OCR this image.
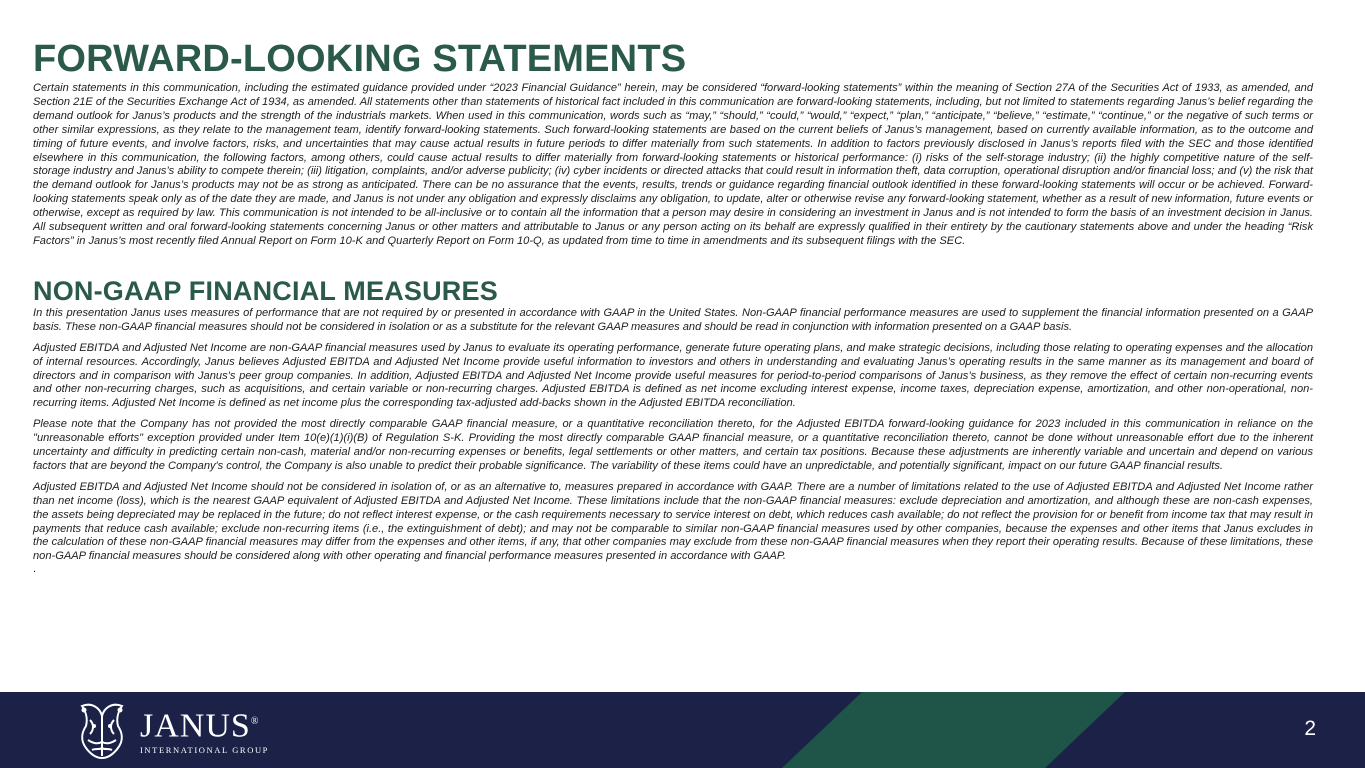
FORWARD-LOOKING STATEMENTS

Certain statements in this communication, including the estimated guidance provided under “2023 Financial Guidance” herein, may be considered “forward-looking statements” within the meaning of Section 27A of the Securities Act of 1933, as amended, and Section 21E of the Securities Exchange Act of 1934, as amended. All statements other than statements of historical fact included in this communication are forward-looking statements, including, but not limited to statements regarding Janus’s belief regarding the demand outlook for Janus’s products and the strength of the industrials markets. When used in this communication, words such as “may,” “should,” “could,” “would,” “expect,” “plan,” “anticipate,” “believe,” “estimate,” “continue,” or the negative of such terms or other similar expressions, as they relate to the management team, identify forward-looking statements. Such forward-looking statements are based on the current beliefs of Janus’s management, based on currently available information, as to the outcome and timing of future events, and involve factors, risks, and uncertainties that may cause actual results in future periods to differ materially from such statements. In addition to factors previously disclosed in Janus’s reports filed with the SEC and those identified elsewhere in this communication, the following factors, among others, could cause actual results to differ materially from forward-looking statements or historical performance: (i) risks of the self-storage industry; (ii) the highly competitive nature of the self-storage industry and Janus’s ability to compete therein; (iii) litigation, complaints, and/or adverse publicity; (iv) cyber incidents or directed attacks that could result in information theft, data corruption, operational disruption and/or financial loss; and (v) the risk that the demand outlook for Janus’s products may not be as strong as anticipated. There can be no assurance that the events, results, trends or guidance regarding financial outlook identified in these forward-looking statements will occur or be achieved. Forward-looking statements speak only as of the date they are made, and Janus is not under any obligation and expressly disclaims any obligation, to update, alter or otherwise revise any forward-looking statement, whether as a result of new information, future events or otherwise, except as required by law. This communication is not intended to be all-inclusive or to contain all the information that a person may desire in considering an investment in Janus and is not intended to form the basis of an investment decision in Janus. All subsequent written and oral forward-looking statements concerning Janus or other matters and attributable to Janus or any person acting on its behalf are expressly qualified in their entirety by the cautionary statements above and under the heading “Risk Factors” in Janus’s most recently filed Annual Report on Form 10-K and Quarterly Report on Form 10-Q, as updated from time to time in amendments and its subsequent filings with the SEC.

NON-GAAP FINANCIAL MEASURES

In this presentation Janus uses measures of performance that are not required by or presented in accordance with GAAP in the United States. Non-GAAP financial performance measures are used to supplement the financial information presented on a GAAP basis. These non-GAAP financial measures should not be considered in isolation or as a substitute for the relevant GAAP measures and should be read in conjunction with information presented on a GAAP basis.

Adjusted EBITDA and Adjusted Net Income are non-GAAP financial measures used by Janus to evaluate its operating performance, generate future operating plans, and make strategic decisions, including those relating to operating expenses and the allocation of internal resources. Accordingly, Janus believes Adjusted EBITDA and Adjusted Net Income provide useful information to investors and others in understanding and evaluating Janus’s operating results in the same manner as its management and board of directors and in comparison with Janus’s peer group companies. In addition, Adjusted EBITDA and Adjusted Net Income provide useful measures for period-to-period comparisons of Janus’s business, as they remove the effect of certain non-recurring events and other non-recurring charges, such as acquisitions, and certain variable or non-recurring charges. Adjusted EBITDA is defined as net income excluding interest expense, income taxes, depreciation expense, amortization, and other non-operational, non-recurring items. Adjusted Net Income is defined as net income plus the corresponding tax-adjusted add-backs shown in the Adjusted EBITDA reconciliation.

Please note that the Company has not provided the most directly comparable GAAP financial measure, or a quantitative reconciliation thereto, for the Adjusted EBITDA forward-looking guidance for 2023 included in this communication in reliance on the "unreasonable efforts" exception provided under Item 10(e)(1)(i)(B) of Regulation S-K. Providing the most directly comparable GAAP financial measure, or a quantitative reconciliation thereto, cannot be done without unreasonable effort due to the inherent uncertainty and difficulty in predicting certain non-cash, material and/or non-recurring expenses or benefits, legal settlements or other matters, and certain tax positions. Because these adjustments are inherently variable and uncertain and depend on various factors that are beyond the Company's control, the Company is also unable to predict their probable significance. The variability of these items could have an unpredictable, and potentially significant, impact on our future GAAP financial results.

Adjusted EBITDA and Adjusted Net Income should not be considered in isolation of, or as an alternative to, measures prepared in accordance with GAAP. There are a number of limitations related to the use of Adjusted EBITDA and Adjusted Net Income rather than net income (loss), which is the nearest GAAP equivalent of Adjusted EBITDA and Adjusted Net Income. These limitations include that the non-GAAP financial measures: exclude depreciation and amortization, and although these are non-cash expenses, the assets being depreciated may be replaced in the future; do not reflect interest expense, or the cash requirements necessary to service interest on debt, which reduces cash available; do not reflect the provision for or benefit from income tax that may result in payments that reduce cash available; exclude non-recurring items (i.e., the extinguishment of debt); and may not be comparable to similar non-GAAP financial measures used by other companies, because the expenses and other items that Janus excludes in the calculation of these non-GAAP financial measures may differ from the expenses and other items, if any, that other companies may exclude from these non-GAAP financial measures when they report their operating results. Because of these limitations, these non-GAAP financial measures should be considered along with other operating and financial performance measures presented in accordance with GAAP.

.
JANUS®
INTERNATIONAL GROUP
2
